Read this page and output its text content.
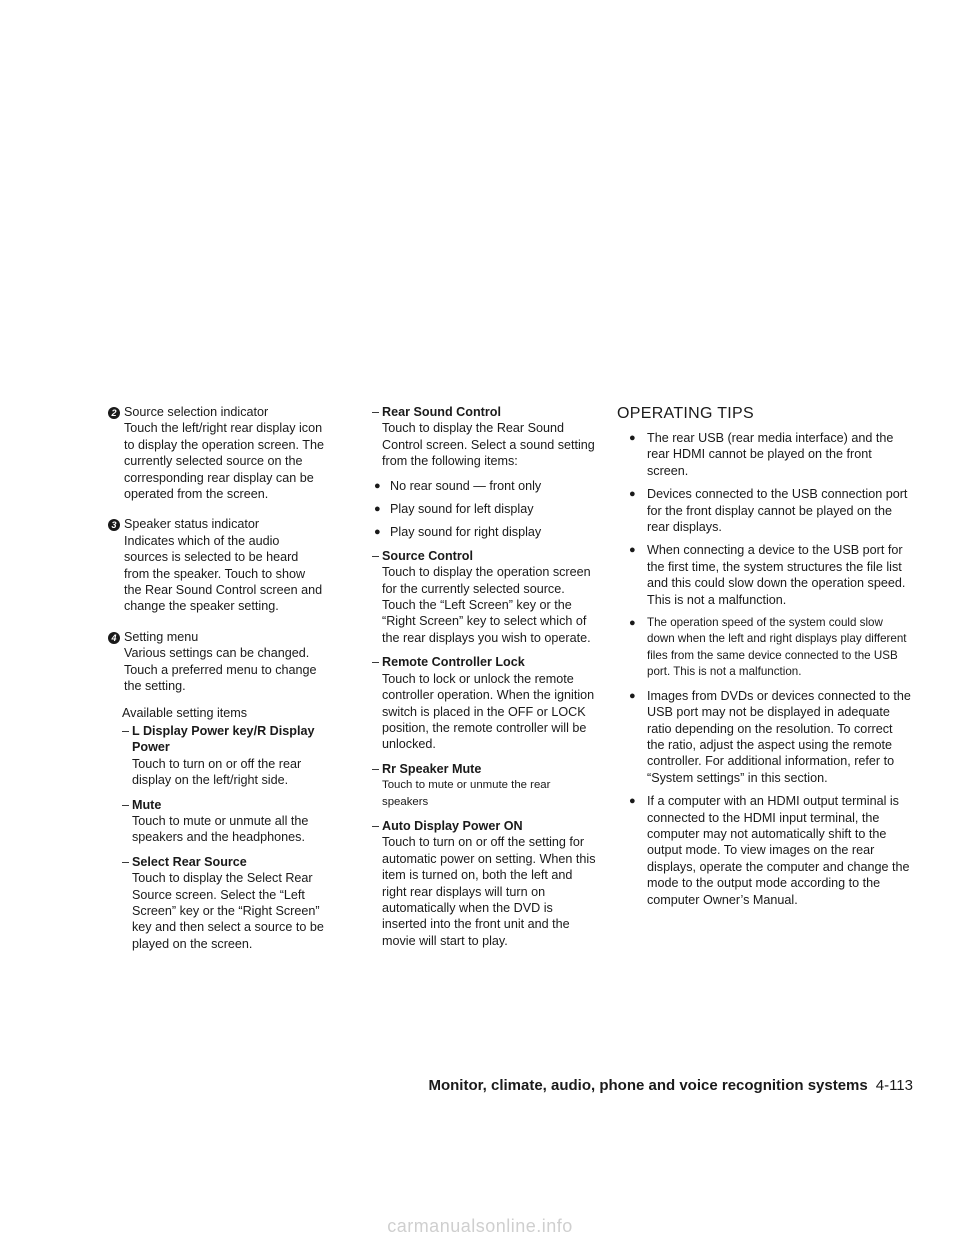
2 Source selection indicator

Touch the left/right rear display icon to display the operation screen. The currently selected source on the corresponding rear display can be operated from the screen.

3 Speaker status indicator

Indicates which of the audio sources is selected to be heard from the speaker. Touch to show the Rear Sound Control screen and change the speaker setting.

4 Setting menu

Various settings can be changed. Touch a preferred menu to change the setting.

Available setting items

– L Display Power key/R Display Power

Touch to turn on or off the rear display on the left/right side.

– Mute

Touch to mute or unmute all the speakers and the headphones.

– Select Rear Source

Touch to display the Select Rear Source screen. Select the “Left Screen” key or the “Right Screen” key and then select a source to be played on the screen.

– Rear Sound Control

Touch to display the Rear Sound Control screen. Select a sound setting from the following items:

● No rear sound — front only

● Play sound for left display

● Play sound for right display

– Source Control

Touch to display the operation screen for the currently selected source. Touch the “Left Screen” key or the “Right Screen” key to select which of the rear displays you wish to operate.

– Remote Controller Lock

Touch to lock or unlock the remote controller operation. When the ignition switch is placed in the OFF or LOCK position, the remote controller will be unlocked.

– Rr Speaker Mute

Touch to mute or unmute the rear speakers

– Auto Display Power ON

Touch to turn on or off the setting for automatic power on setting. When this item is turned on, both the left and right rear displays will turn on automatically when the DVD is inserted into the front unit and the movie will start to play.

OPERATING TIPS
● The rear USB (rear media interface) and the rear HDMI cannot be played on the front screen.

● Devices connected to the USB connection port for the front display cannot be played on the rear displays.

● When connecting a device to the USB port for the first time, the system structures the file list and this could slow down the operation speed. This is not a malfunction.

● The operation speed of the system could slow down when the left and right displays play different files from the same device connected to the USB port. This is not a malfunction.

● Images from DVDs or devices connected to the USB port may not be displayed in adequate ratio depending on the resolution. To correct the ratio, adjust the aspect using the remote controller. For additional information, refer to “System settings” in this section.

● If a computer with an HDMI output terminal is connected to the HDMI input terminal, the computer may not automatically shift to the output mode. To view images on the rear displays, operate the computer and change the mode to the output mode according to the computer Owner’s Manual.

Monitor, climate, audio, phone and voice recognition systems 4-113
carmanualsonline.info
